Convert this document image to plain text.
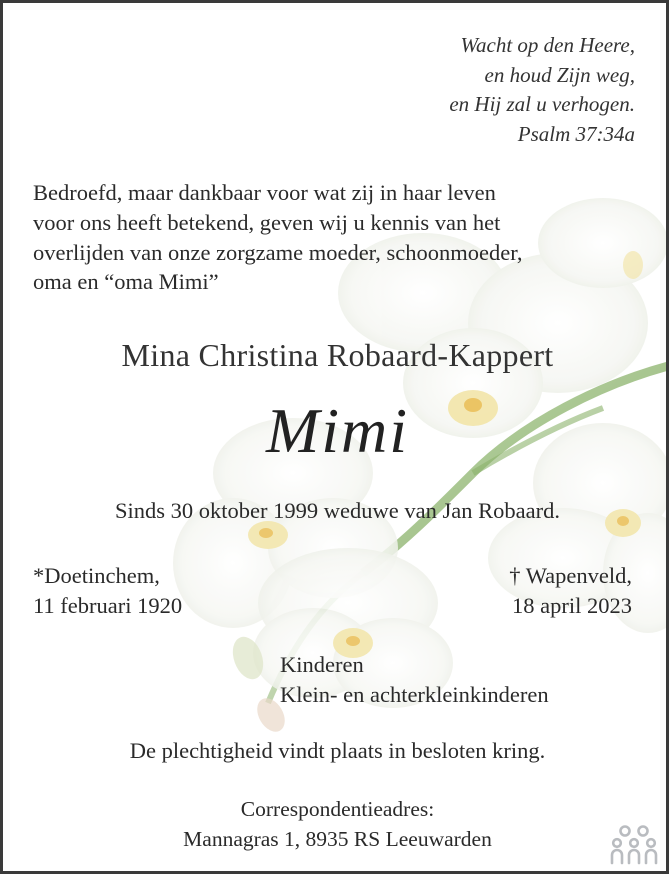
Wacht op den Heere,
en houd Zijn weg,
en Hij zal u verhogen.
Psalm 37:34a
Bedroefd, maar dankbaar voor wat zij in haar leven
voor ons heeft betekend, geven wij u kennis van het
overlijden van onze zorgzame moeder, schoonmoeder,
oma en “oma Mimi”
Mina Christina Robaard-Kappert
Mimi
Sinds 30 oktober 1999 weduwe van Jan Robaard.
*Doetinchem,
11 februari 1920
† Wapenveld,
18 april 2023
Kinderen
Klein- en achterkleinkinderen
De plechtigheid vindt plaats in besloten kring.
Correspondentieadres:
Mannagras 1, 8935 RS Leeuwarden
